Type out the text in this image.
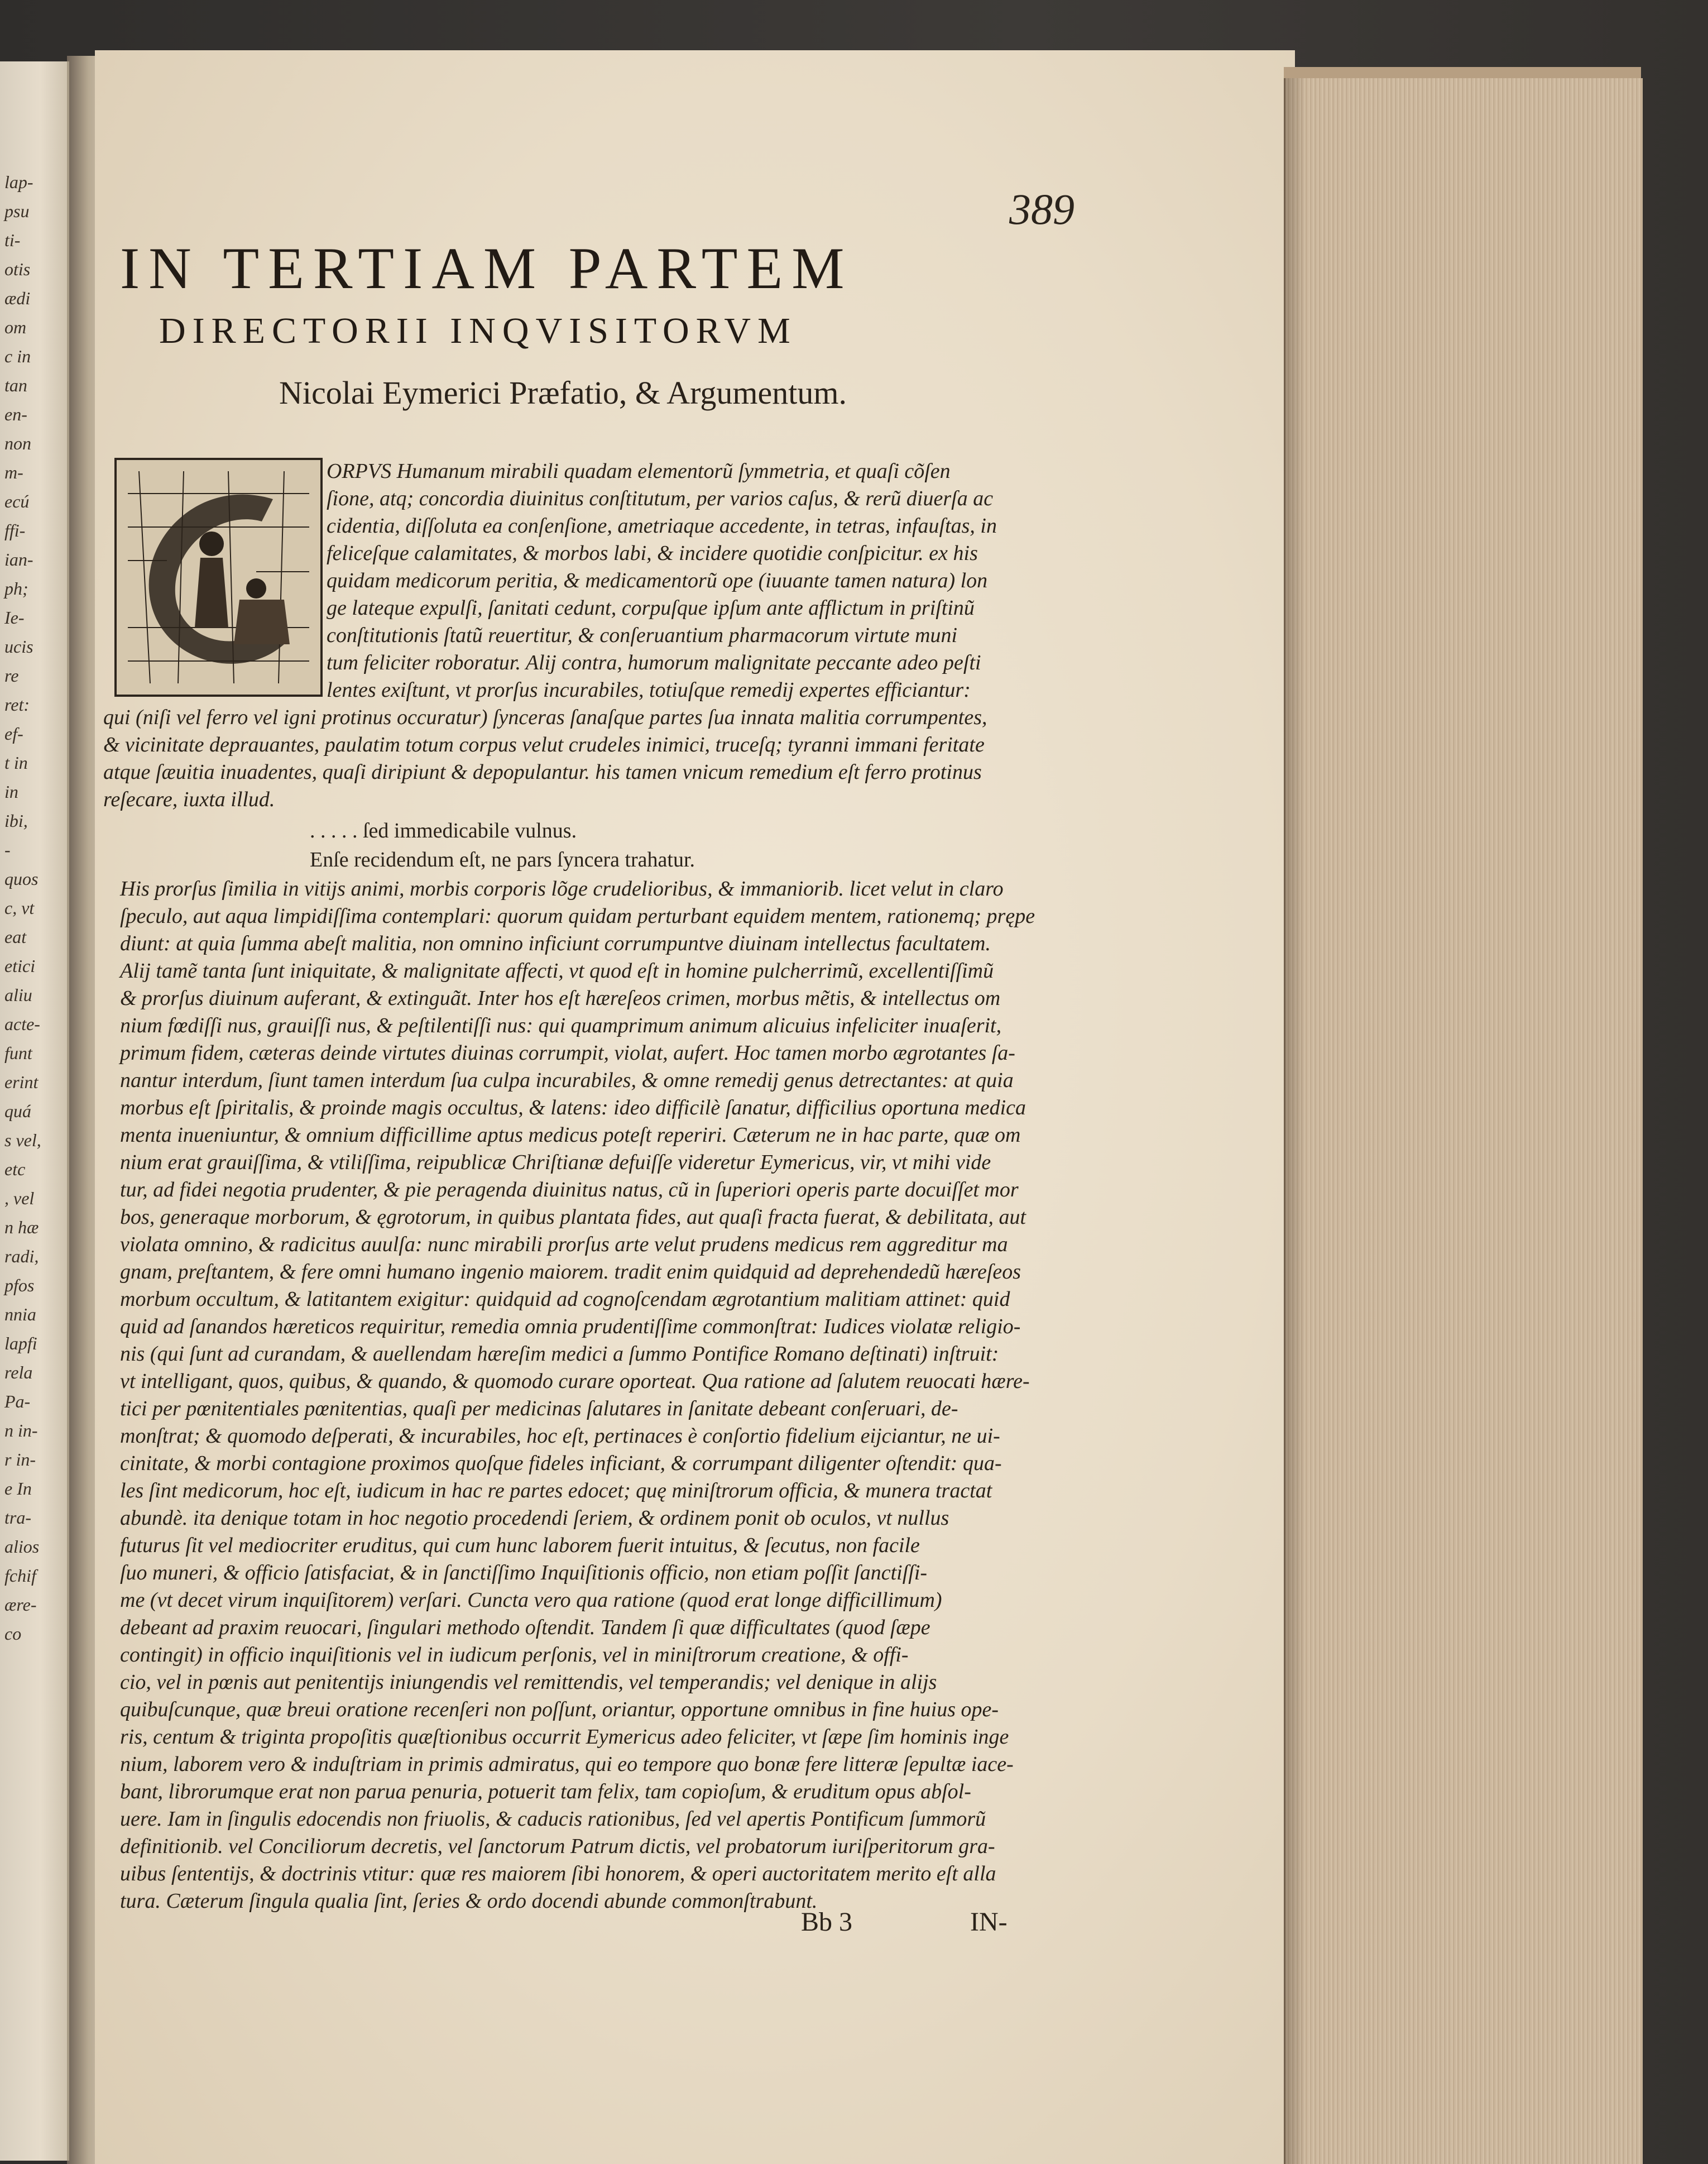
lap-
psu
ti-
otis
ædi
om
c in
tan
en-
non
m-
ecú
ffi-
ian-
ph;
Ie-
ucis
re
ret:
ef-
t in
in
ibi,
-
quos
c, vt
eat
etici
aliu
acte-
funt
erint
quá
s vel,
etc
, vel
n hæ
radi,
pfos
nnia
lapfi
rela
Pa-
n in-
r in-
e In
tra-
alios
fchif
ære-
co
389
IN TERTIAM PARTEM
DIRECTORII INQVISITORVM
Nicolai Eymerici Præfatio, & Argumentum.
ORPVS Humanum mirabili quadam elementorũ ſymmetria, et quaſi cõſen
ſione, atq; concordia diuinitus conſtitutum, per varios caſus, & rerũ diuerſa ac
cidentia, diſſoluta ea conſenſione, ametriaque accedente, in tetras, infauſtas, in
feliceſque calamitates, & morbos labi, & incidere quotidie conſpicitur. ex his
quidam medicorum peritia, & medicamentorũ ope (iuuante tamen natura) lon
ge lateque expulſi, ſanitati cedunt, corpuſque ipſum ante afflictum in priſtinũ
conſtitutionis ſtatũ reuertitur, & conſeruantium pharmacorum virtute muni
tum feliciter roboratur. Alij contra, humorum malignitate peccante adeo peſti
lentes exiſtunt, vt prorſus incurabiles, totiuſque remedij expertes efficiantur:
qui (niſi vel ferro vel igni protinus occuratur) ſynceras ſanaſque partes ſua innata malitia corrumpentes,
& vicinitate deprauantes, paulatim totum corpus velut crudeles inimici, truceſq; tyranni immani feritate
atque ſæuitia inuadentes, quaſi diripiunt & depopulantur. his tamen vnicum remedium eſt ferro protinus
reſecare, iuxta illud.
. . . . . ſed immedicabile vulnus.
Enſe recidendum eſt, ne pars ſyncera trahatur.
His prorſus ſimilia in vitijs animi, morbis corporis lõge crudelioribus, & immaniorib. licet velut in claro
ſpeculo, aut aqua limpidiſſima contemplari: quorum quidam perturbant equidem mentem, rationemq; prępe
diunt: at quia ſumma abeſt malitia, non omnino inficiunt corrumpuntve diuinam intellectus facultatem.
Alij tamẽ tanta ſunt iniquitate, & malignitate affecti, vt quod eſt in homine pulcherrimũ, excellentiſſimũ
& prorſus diuinum auferant, & extinguãt. Inter hos eſt hæreſeos crimen, morbus mẽtis, & intellectus om
nium fœdiſſi nus, grauiſſi nus, & peſtilentiſſi nus: qui quamprimum animum alicuius infeliciter inuaſerit,
primum fidem, cæteras deinde virtutes diuinas corrumpit, violat, aufert. Hoc tamen morbo ægrotantes ſa-
nantur interdum, ſiunt tamen interdum ſua culpa incurabiles, & omne remedij genus detrectantes: at quia
morbus eſt ſpiritalis, & proinde magis occultus, & latens: ideo difficilè ſanatur, difficilius oportuna medica
menta inueniuntur, & omnium difficillime aptus medicus poteſt reperiri. Cæterum ne in hac parte, quæ om
nium erat grauiſſima, & vtiliſſima, reipublicæ Chriſtianæ defuiſſe videretur Eymericus, vir, vt mihi vide
tur, ad fidei negotia prudenter, & pie peragenda diuinitus natus, cũ in ſuperiori operis parte docuiſſet mor
bos, generaque morborum, & ęgrotorum, in quibus plantata fides, aut quaſi fracta fuerat, & debilitata, aut
violata omnino, & radicitus auulſa: nunc mirabili prorſus arte velut prudens medicus rem aggreditur ma
gnam, preſtantem, & fere omni humano ingenio maiorem. tradit enim quidquid ad deprehendedũ hæreſeos
morbum occultum, & latitantem exigitur: quidquid ad cognoſcendam ægrotantium malitiam attinet: quid
quid ad ſanandos hæreticos requiritur, remedia omnia prudentiſſime commonſtrat: Iudices violatæ religio-
nis (qui ſunt ad curandam, & auellendam hæreſim medici a ſummo Pontifice Romano deſtinati) inſtruit:
vt intelligant, quos, quibus, & quando, & quomodo curare oporteat. Qua ratione ad ſalutem reuocati hære-
tici per pœnitentiales pœnitentias, quaſi per medicinas ſalutares in ſanitate debeant conſeruari, de-
monſtrat; & quomodo deſperati, & incurabiles, hoc eſt, pertinaces è conſortio fidelium eijciantur, ne ui-
cinitate, & morbi contagione proximos quoſque fideles inficiant, & corrumpant diligenter oſtendit: qua-
les ſint medicorum, hoc eſt, iudicum in hac re partes edocet; quę miniſtrorum officia, & munera tractat
abundè. ita denique totam in hoc negotio procedendi ſeriem, & ordinem ponit ob oculos, vt nullus
futurus ſit vel mediocriter eruditus, qui cum hunc laborem fuerit intuitus, & ſecutus, non facile
ſuo muneri, & officio ſatisfaciat, & in ſanctiſſimo Inquiſitionis officio, non etiam poſſit ſanctiſſi-
me (vt decet virum inquiſitorem) verſari. Cuncta vero qua ratione (quod erat longe difficillimum)
debeant ad praxim reuocari, ſingulari methodo oſtendit. Tandem ſi quæ difficultates (quod ſæpe
contingit) in officio inquiſitionis vel in iudicum perſonis, vel in miniſtrorum creatione, & offi-
cio, vel in pœnis aut penitentijs iniungendis vel remittendis, vel temperandis; vel denique in alijs
quibuſcunque, quæ breui oratione recenſeri non poſſunt, oriantur, opportune omnibus in fine huius ope-
ris, centum & triginta propoſitis quæſtionibus occurrit Eymericus adeo feliciter, vt ſæpe ſim hominis inge
nium, laborem vero & induſtriam in primis admiratus, qui eo tempore quo bonæ fere litteræ ſepultæ iace-
bant, librorumque erat non parua penuria, potuerit tam felix, tam copioſum, & eruditum opus abſol-
uere. Iam in ſingulis edocendis non friuolis, & caducis rationibus, ſed vel apertis Pontificum ſummorũ
definitionib. vel Conciliorum decretis, vel ſanctorum Patrum dictis, vel probatorum iuriſperitorum gra-
uibus ſententijs, & doctrinis vtitur: quæ res maiorem ſibi honorem, & operi auctoritatem merito eſt alla
tura. Cæterum ſingula qualia ſint, ſeries & ordo docendi abunde commonſtrabunt.
Bb 3	IN-
